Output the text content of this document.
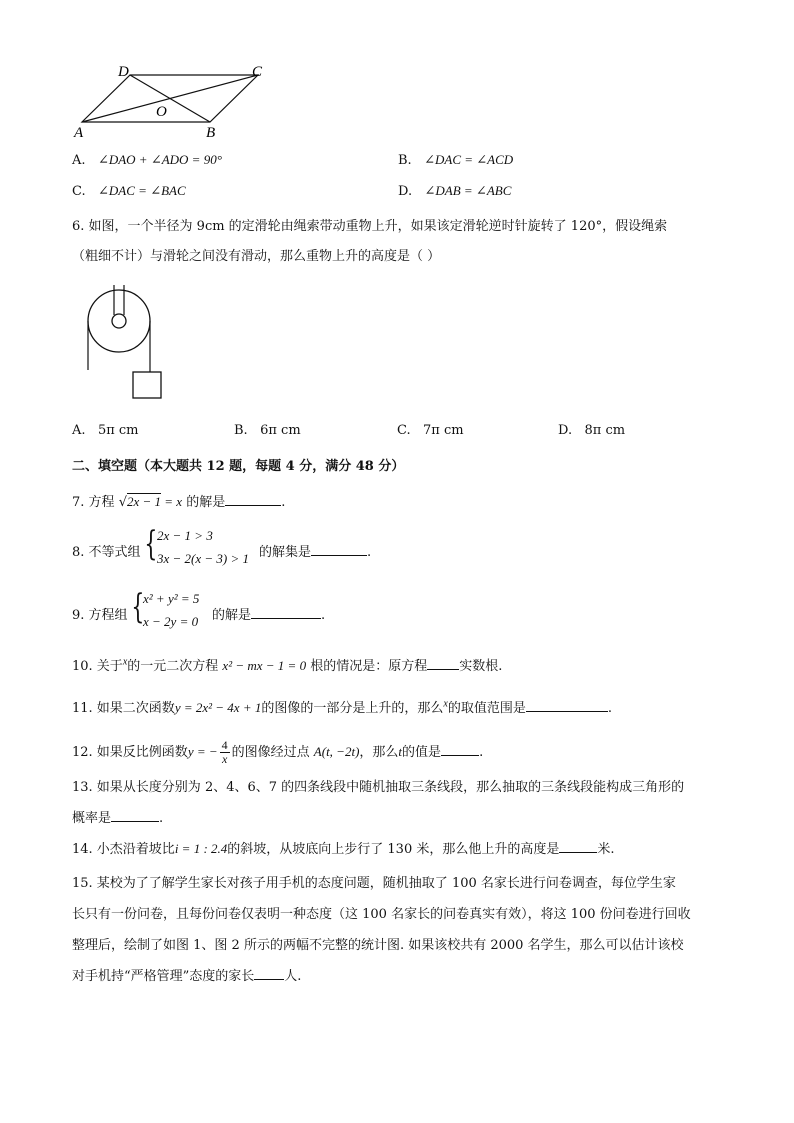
D	C
O
A	B
A. ∠DAO + ∠ADO = 90°	B. ∠DAC = ∠ACD
C. ∠DAC = ∠BAC	D. ∠DAB = ∠ABC
6. 如图，一个半径为 9cm 的定滑轮由绳索带动重物上升，如果该定滑轮逆时针旋转了 120°，假设绳索
（粗细不计）与滑轮之间没有滑动，那么重物上升的高度是（ ）
A. 5π cm	B. 6π cm	C. 7π cm	D. 8π cm
二、填空题（本大题共 12 题，每题 4 分，满分 48 分）
7. 方程 √2x − 1 = x 的解是	.
8. 不等式组 { 2x − 1 > 3
3x − 2(x − 3) > 1 的解集是	.
9. 方程组 {
x² + y² = 5
x − 2y = 0 的解是	.
10. 关于$^x$的一元二次方程 x² − mx − 1 = 0 根的情况是：原方程 实数根.
11. 如果二次函数y = 2x² − 4x + 1的图像的一部分是上升的，那么$^x$的取值范围是	.
12. 如果反比例函数y = − $\frac{4}{x}$ 的图像经过点 A(t, −2t)，那么t的值是	.
13. 如果从长度分别为 2、4、6、7 的四条线段中随机抽取三条线段，那么抽取的三条线段能构成三角形的
概率是	.
14. 小杰沿着坡比i = 1 : 2.4的斜坡，从坡底向上步行了 130 米，那么他上升的高度是	米.
15. 某校为了了解学生家长对孩子用手机的态度问题，随机抽取了 100 名家长进行问卷调查，每位学生家
长只有一份问卷，且每份问卷仅表明一种态度（这 100 名家长的问卷真实有效），将这 100 份问卷进行回收
整理后，绘制了如图 1、图 2 所示的两幅不完整的统计图. 如果该校共有 2000 名学生，那么可以估计该校
对手机持“严格管理”态度的家长 人.
